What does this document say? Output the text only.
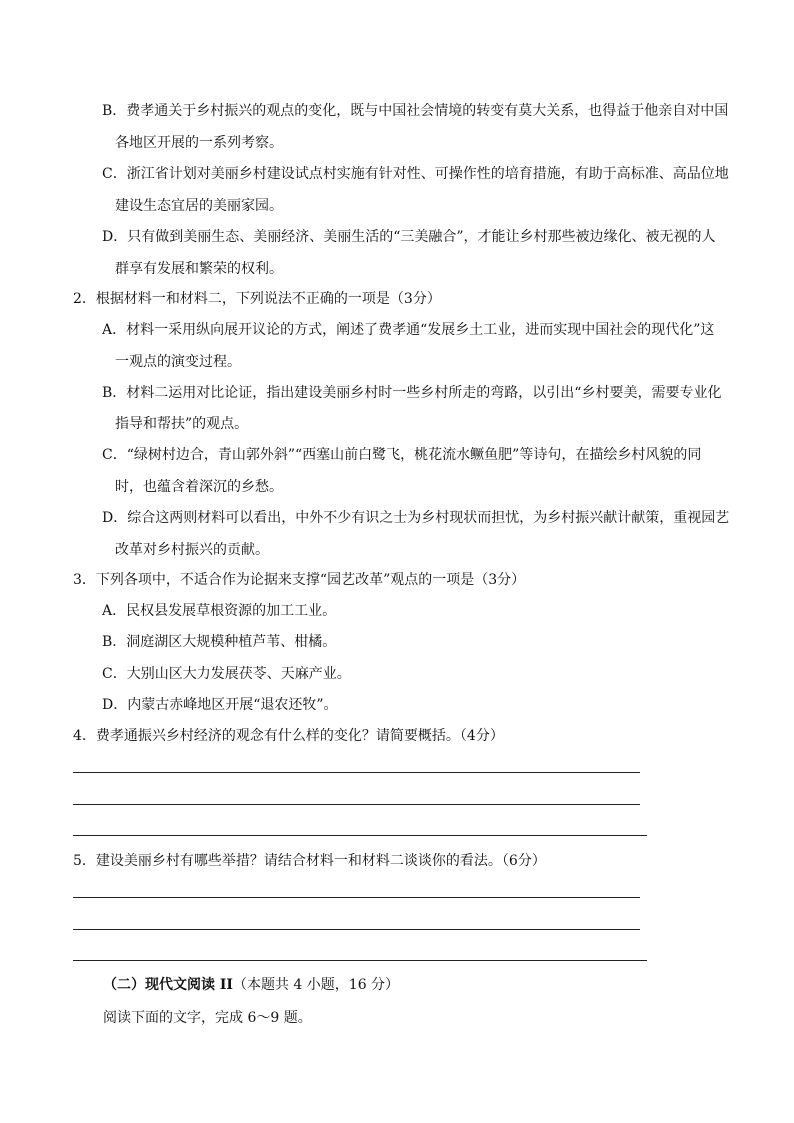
B．费孝通关于乡村振兴的观点的变化，既与中国社会情境的转变有莫大关系，也得益于他亲自对中国
各地区开展的一系列考察。
C．浙江省计划对美丽乡村建设试点村实施有针对性、可操作性的培育措施，有助于高标准、高品位地
建设生态宜居的美丽家园。
D．只有做到美丽生态、美丽经济、美丽生活的“三美融合”，才能让乡村那些被边缘化、被无视的人
群享有发展和繁荣的权利。
2．根据材料一和材料二，下列说法不正确的一项是（3分）
A．材料一采用纵向展开议论的方式，阐述了费孝通“发展乡土工业，进而实现中国社会的现代化”这
一观点的演变过程。
B．材料二运用对比论证，指出建设美丽乡村时一些乡村所走的弯路，以引出“乡村要美，需要专业化
指导和帮扶”的观点。
C．“绿树村边合，青山郭外斜”“西塞山前白鹭飞，桃花流水鳜鱼肥”等诗句，在描绘乡村风貌的同
时，也蕴含着深沉的乡愁。
D．综合这两则材料可以看出，中外不少有识之士为乡村现状而担忧，为乡村振兴献计献策，重视园艺
改革对乡村振兴的贡献。
3．下列各项中，不适合作为论据来支撑“园艺改革”观点的一项是（3分）
A．民权县发展草根资源的加工工业。
B．洞庭湖区大规模种植芦苇、柑橘。
C．大别山区大力发展茯苓、天麻产业。
D．内蒙古赤峰地区开展“退农还牧”。
4．费孝通振兴乡村经济的观念有什么样的变化？请简要概括。（4分）
5．建设美丽乡村有哪些举措？请结合材料一和材料二谈谈你的看法。（6分）
（二）现代文阅读 II（本题共 4 小题，16 分）
阅读下面的文字，完成 6～9 题。
